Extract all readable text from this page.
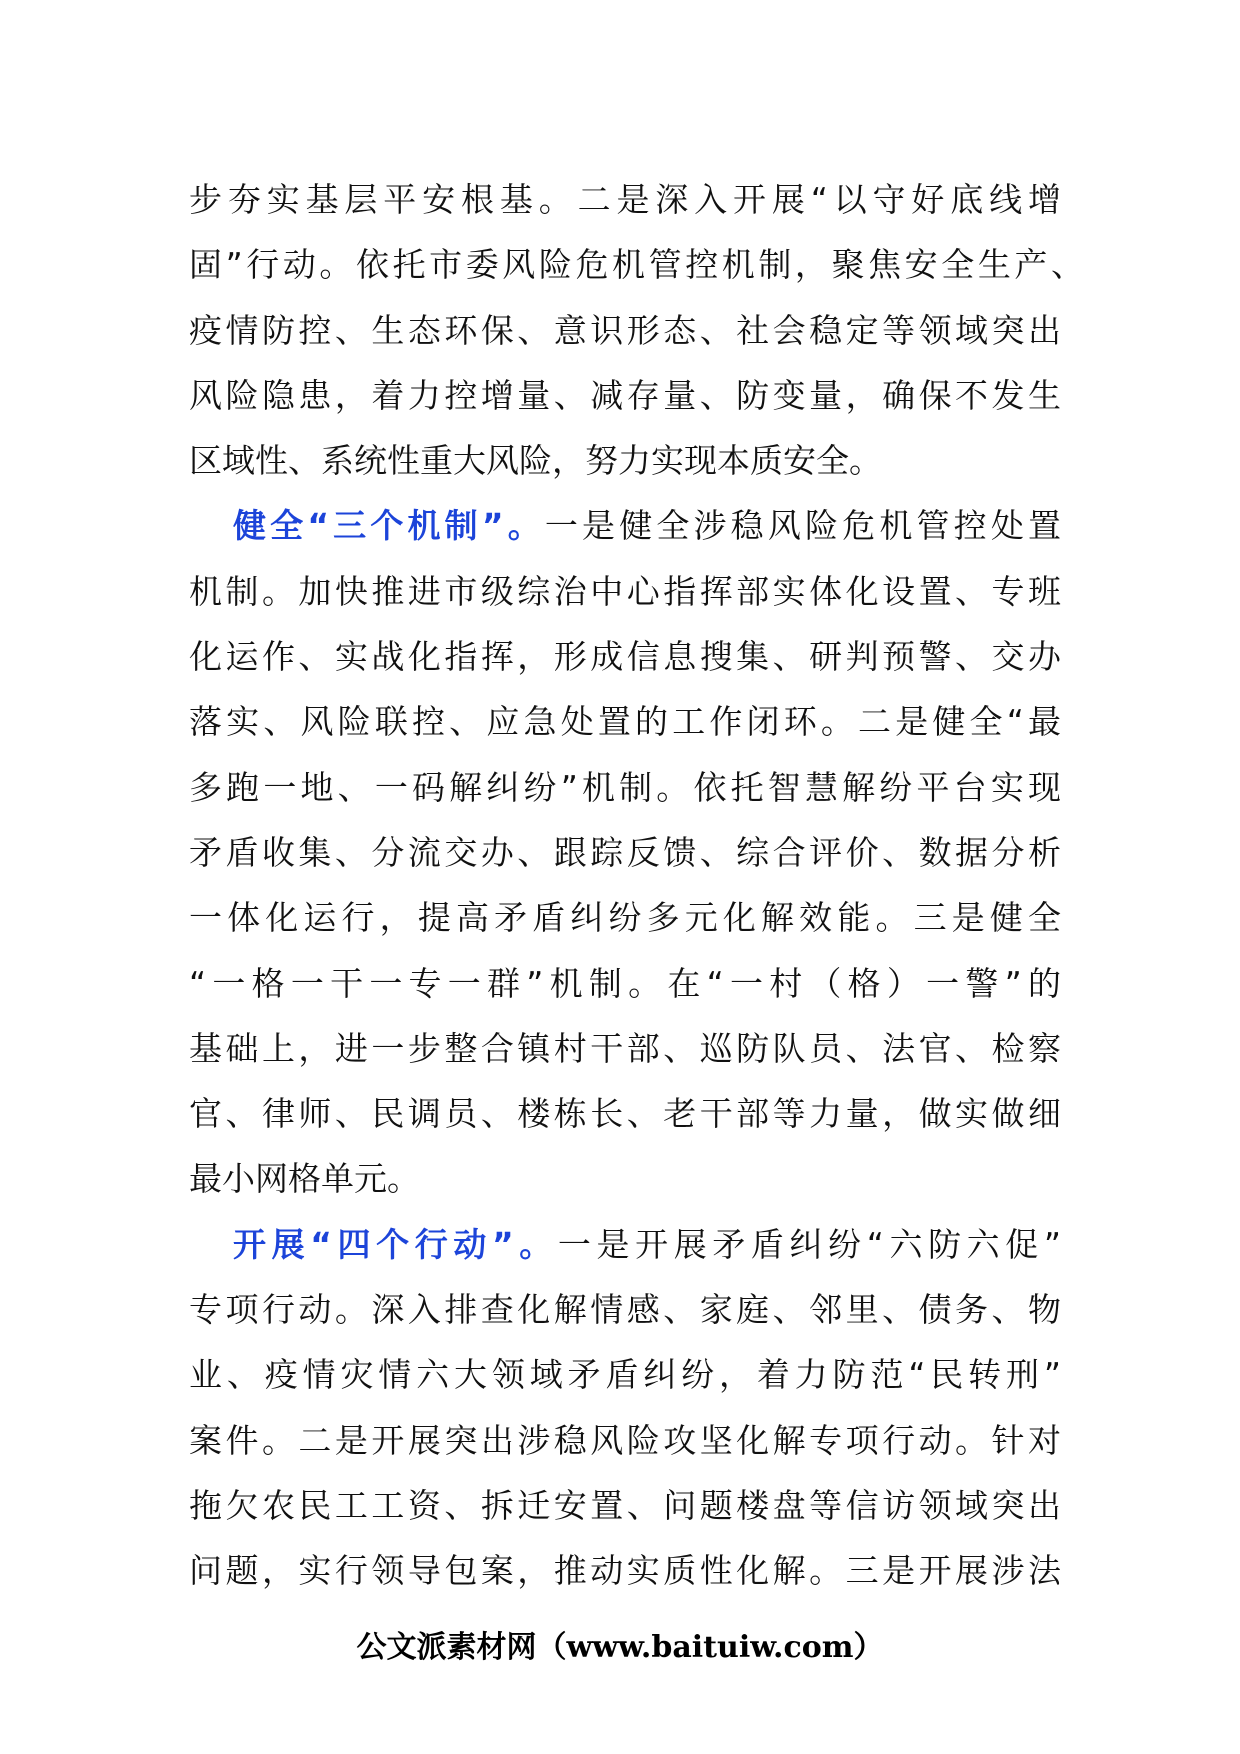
步夯实基层平安根基。二是深入开展“以守好底线增
固”行动。依托市委风险危机管控机制，聚焦安全生产、
疫情防控、生态环保、意识形态、社会稳定等领域突出
风险隐患，着力控增量、减存量、防变量，确保不发生
区域性、系统性重大风险，努力实现本质安全。
健全“三个机制”。一是健全涉稳风险危机管控处置
机制。加快推进市级综治中心指挥部实体化设置、专班
化运作、实战化指挥，形成信息搜集、研判预警、交办
落实、风险联控、应急处置的工作闭环。二是健全“最
多跑一地、一码解纠纷”机制。依托智慧解纷平台实现
矛盾收集、分流交办、跟踪反馈、综合评价、数据分析
一体化运行，提高矛盾纠纷多元化解效能。三是健全
“一格一干一专一群”机制。在“一村（格）一警”的
基础上，进一步整合镇村干部、巡防队员、法官、检察
官、律师、民调员、楼栋长、老干部等力量，做实做细
最小网格单元。
开展“四个行动”。一是开展矛盾纠纷“六防六促”
专项行动。深入排查化解情感、家庭、邻里、债务、物
业、疫情灾情六大领域矛盾纠纷，着力防范“民转刑”
案件。二是开展突出涉稳风险攻坚化解专项行动。针对
拖欠农民工工资、拆迁安置、问题楼盘等信访领域突出
问题，实行领导包案，推动实质性化解。三是开展涉法
公文派素材网（www.baituiw.com）
